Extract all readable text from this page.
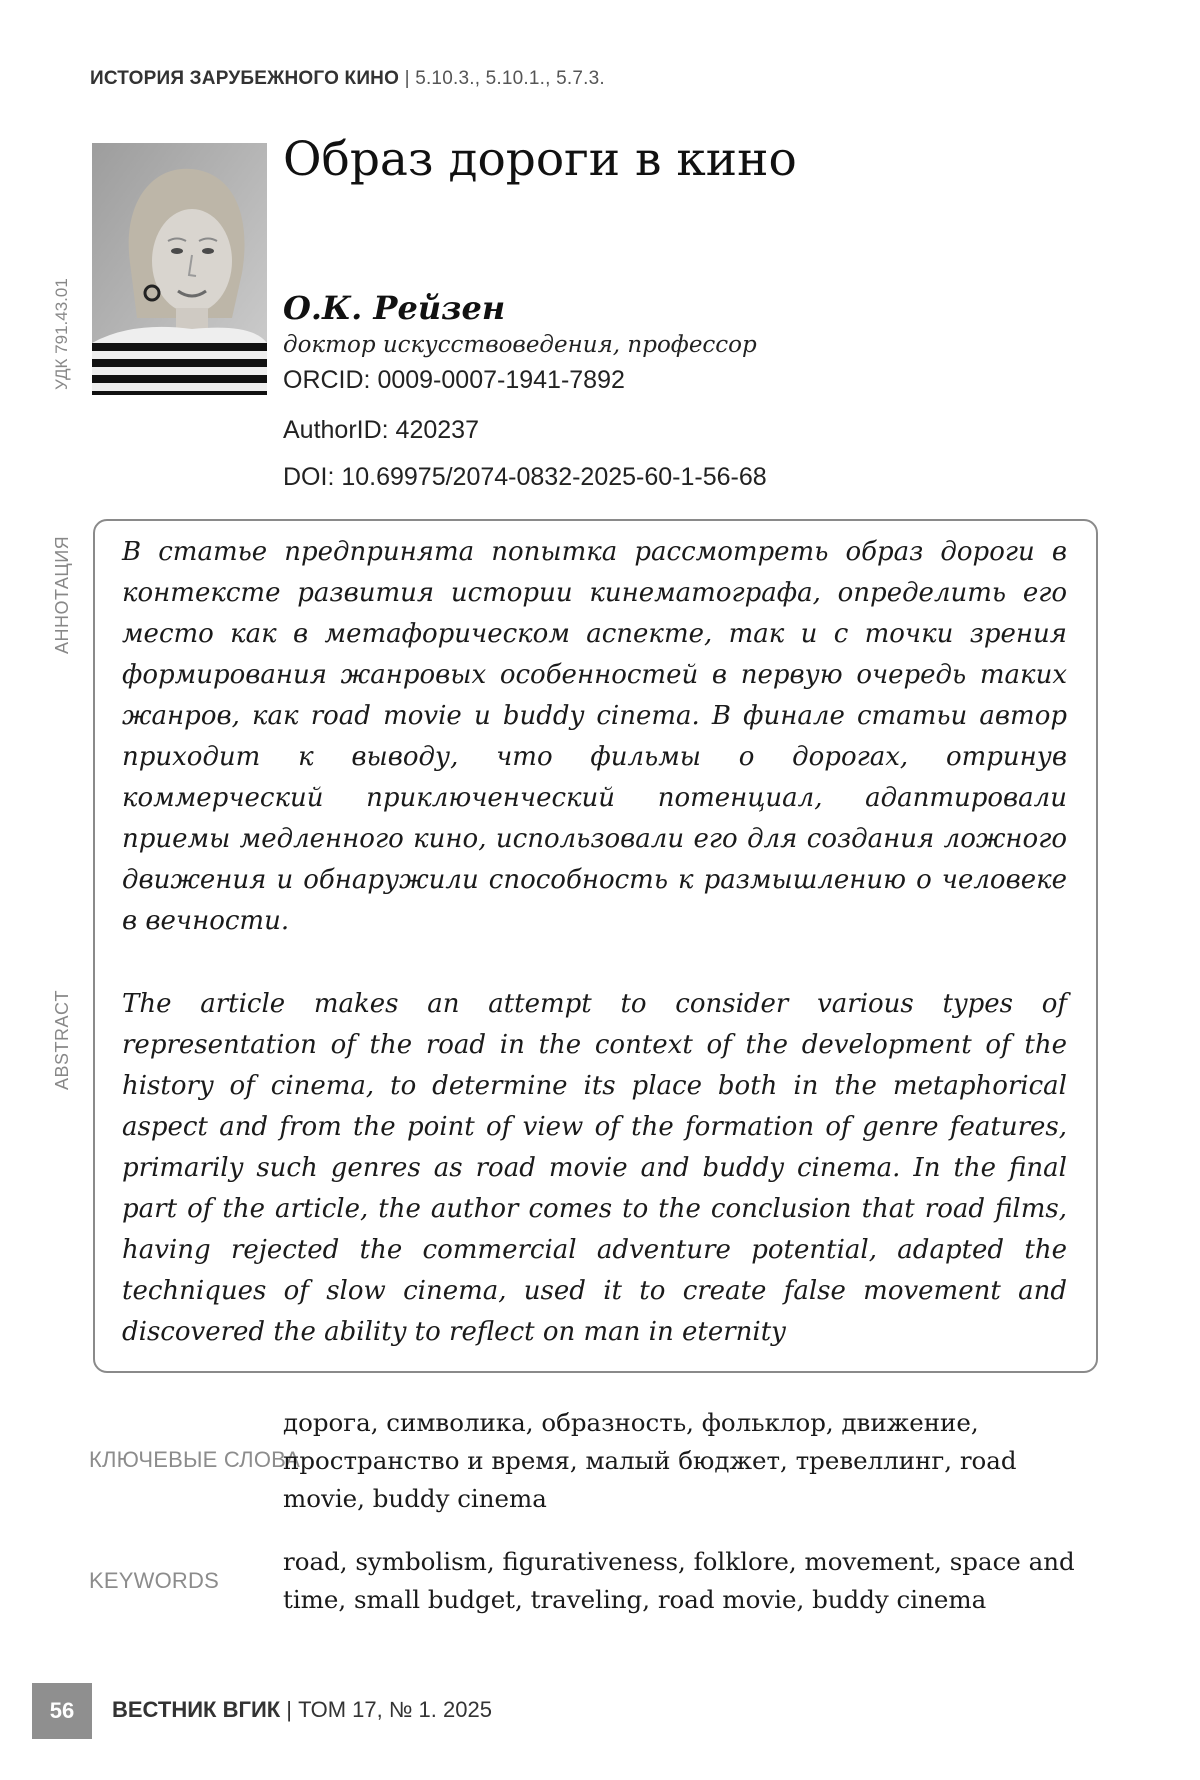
ИСТОРИЯ ЗАРУБЕЖНОГО КИНО | 5.10.3., 5.10.1., 5.7.3.
УДК 791.43.01
Образ дороги в кино
О.К. Рейзен
доктор искусствоведения, профессор
ORCID: 0009-0007-1941-7892
AuthorID: 420237
DOI: 10.69975/2074-0832-2025-60-1-56-68
АННОТАЦИЯ
ABSTRACT
В статье предпринята попытка рассмотреть образ дороги в контексте развития истории кинематографа, определить его место как в метафорическом аспекте, так и с точки зрения формирования жанровых особенностей в первую очередь таких жанров, как road movie и buddy cinema. В финале статьи автор приходит к выводу, что фильмы о дорогах, отринув коммерческий приключенческий потенциал, адаптировали приемы медленного кино, использовали его для создания ложного движения и обнаружили способность к размышлению о человеке в вечности.
The article makes an attempt to consider various types of representation of the road in the context of the development of the history of cinema, to determine its place both in the metaphorical aspect and from the point of view of the formation of genre features, primarily such genres as road movie and buddy cinema. In the final part of the article, the author comes to the conclusion that road films, having rejected the commercial adventure potential, adapted the techniques of slow cinema, used it to create false movement and discovered the ability to reflect on man in eternity
КЛЮЧЕВЫЕ СЛОВА
дорога, символика, образность, фольклор, движение, пространство и время, малый бюджет, тревеллинг, road movie, buddy cinema
KEYWORDS
road, symbolism, figurativeness, folklore, movement, space and time, small budget, traveling, road movie, buddy cinema
56	ВЕСТНИК ВГИК | ТОМ 17, № 1. 2025
